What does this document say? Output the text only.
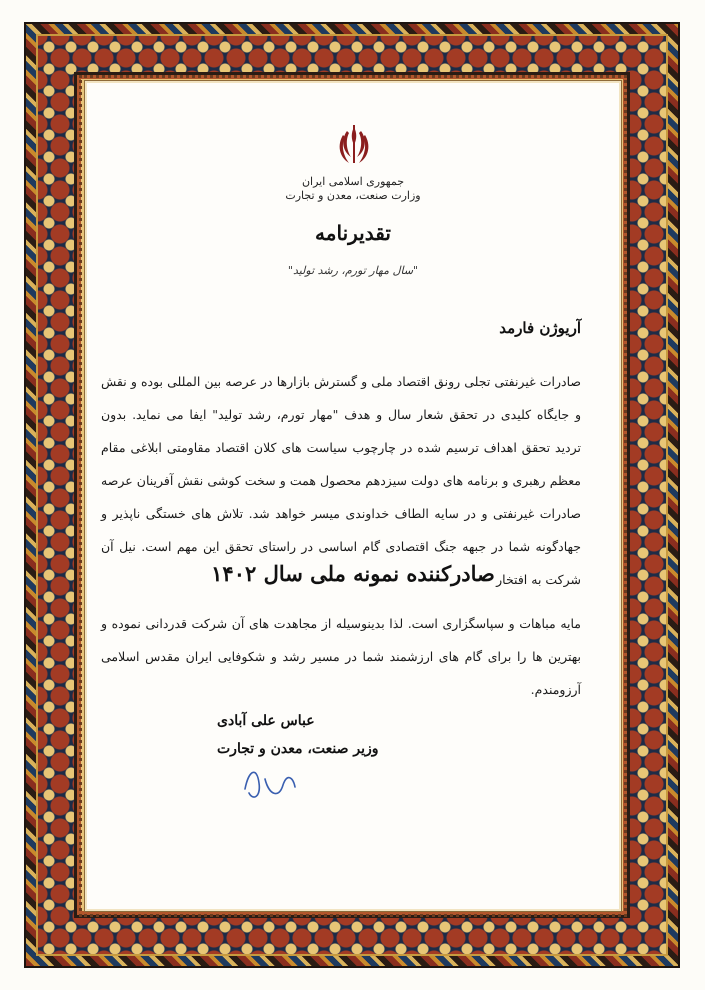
جمهوری اسلامی ایران
وزارت صنعت، معدن و تجارت
تقدیرنامه
"سال مهار تورم، رشد تولید"
آریوژن فارمد
صادرات غیرنفتی تجلی رونق اقتصاد ملی و گسترش بازارها در عرصه بین المللی بوده و نقش و جایگاه کلیدی در تحقق شعار سال و هدف "مهار تورم، رشد تولید" ایفا می نماید. بدون تردید تحقق اهداف ترسیم شده در چارچوب سیاست های کلان اقتصاد مقاومتی ابلاغی مقام معظم رهبری و برنامه های دولت سیزدهم محصول همت و سخت کوشی نقش آفرینان عرصه صادرات غیرنفتی و در سایه الطاف خداوندی میسر خواهد شد. تلاش های خستگی ناپذیر و جهادگونه شما در جبهه جنگ اقتصادی گام اساسی در راستای تحقق این مهم است. نیل آن شرکت به افتخار
صادرکننده نمونه ملی سال ۱۴۰۲
مایه مباهات و سپاسگزاری است. لذا بدینوسیله از مجاهدت های آن شرکت قدردانی نموده و بهترین ها را برای گام های ارزشمند شما در مسیر رشد و شکوفایی ایران مقدس اسلامی آرزومندم.
عباس علی آبادی
وزیر صنعت، معدن و تجارت
